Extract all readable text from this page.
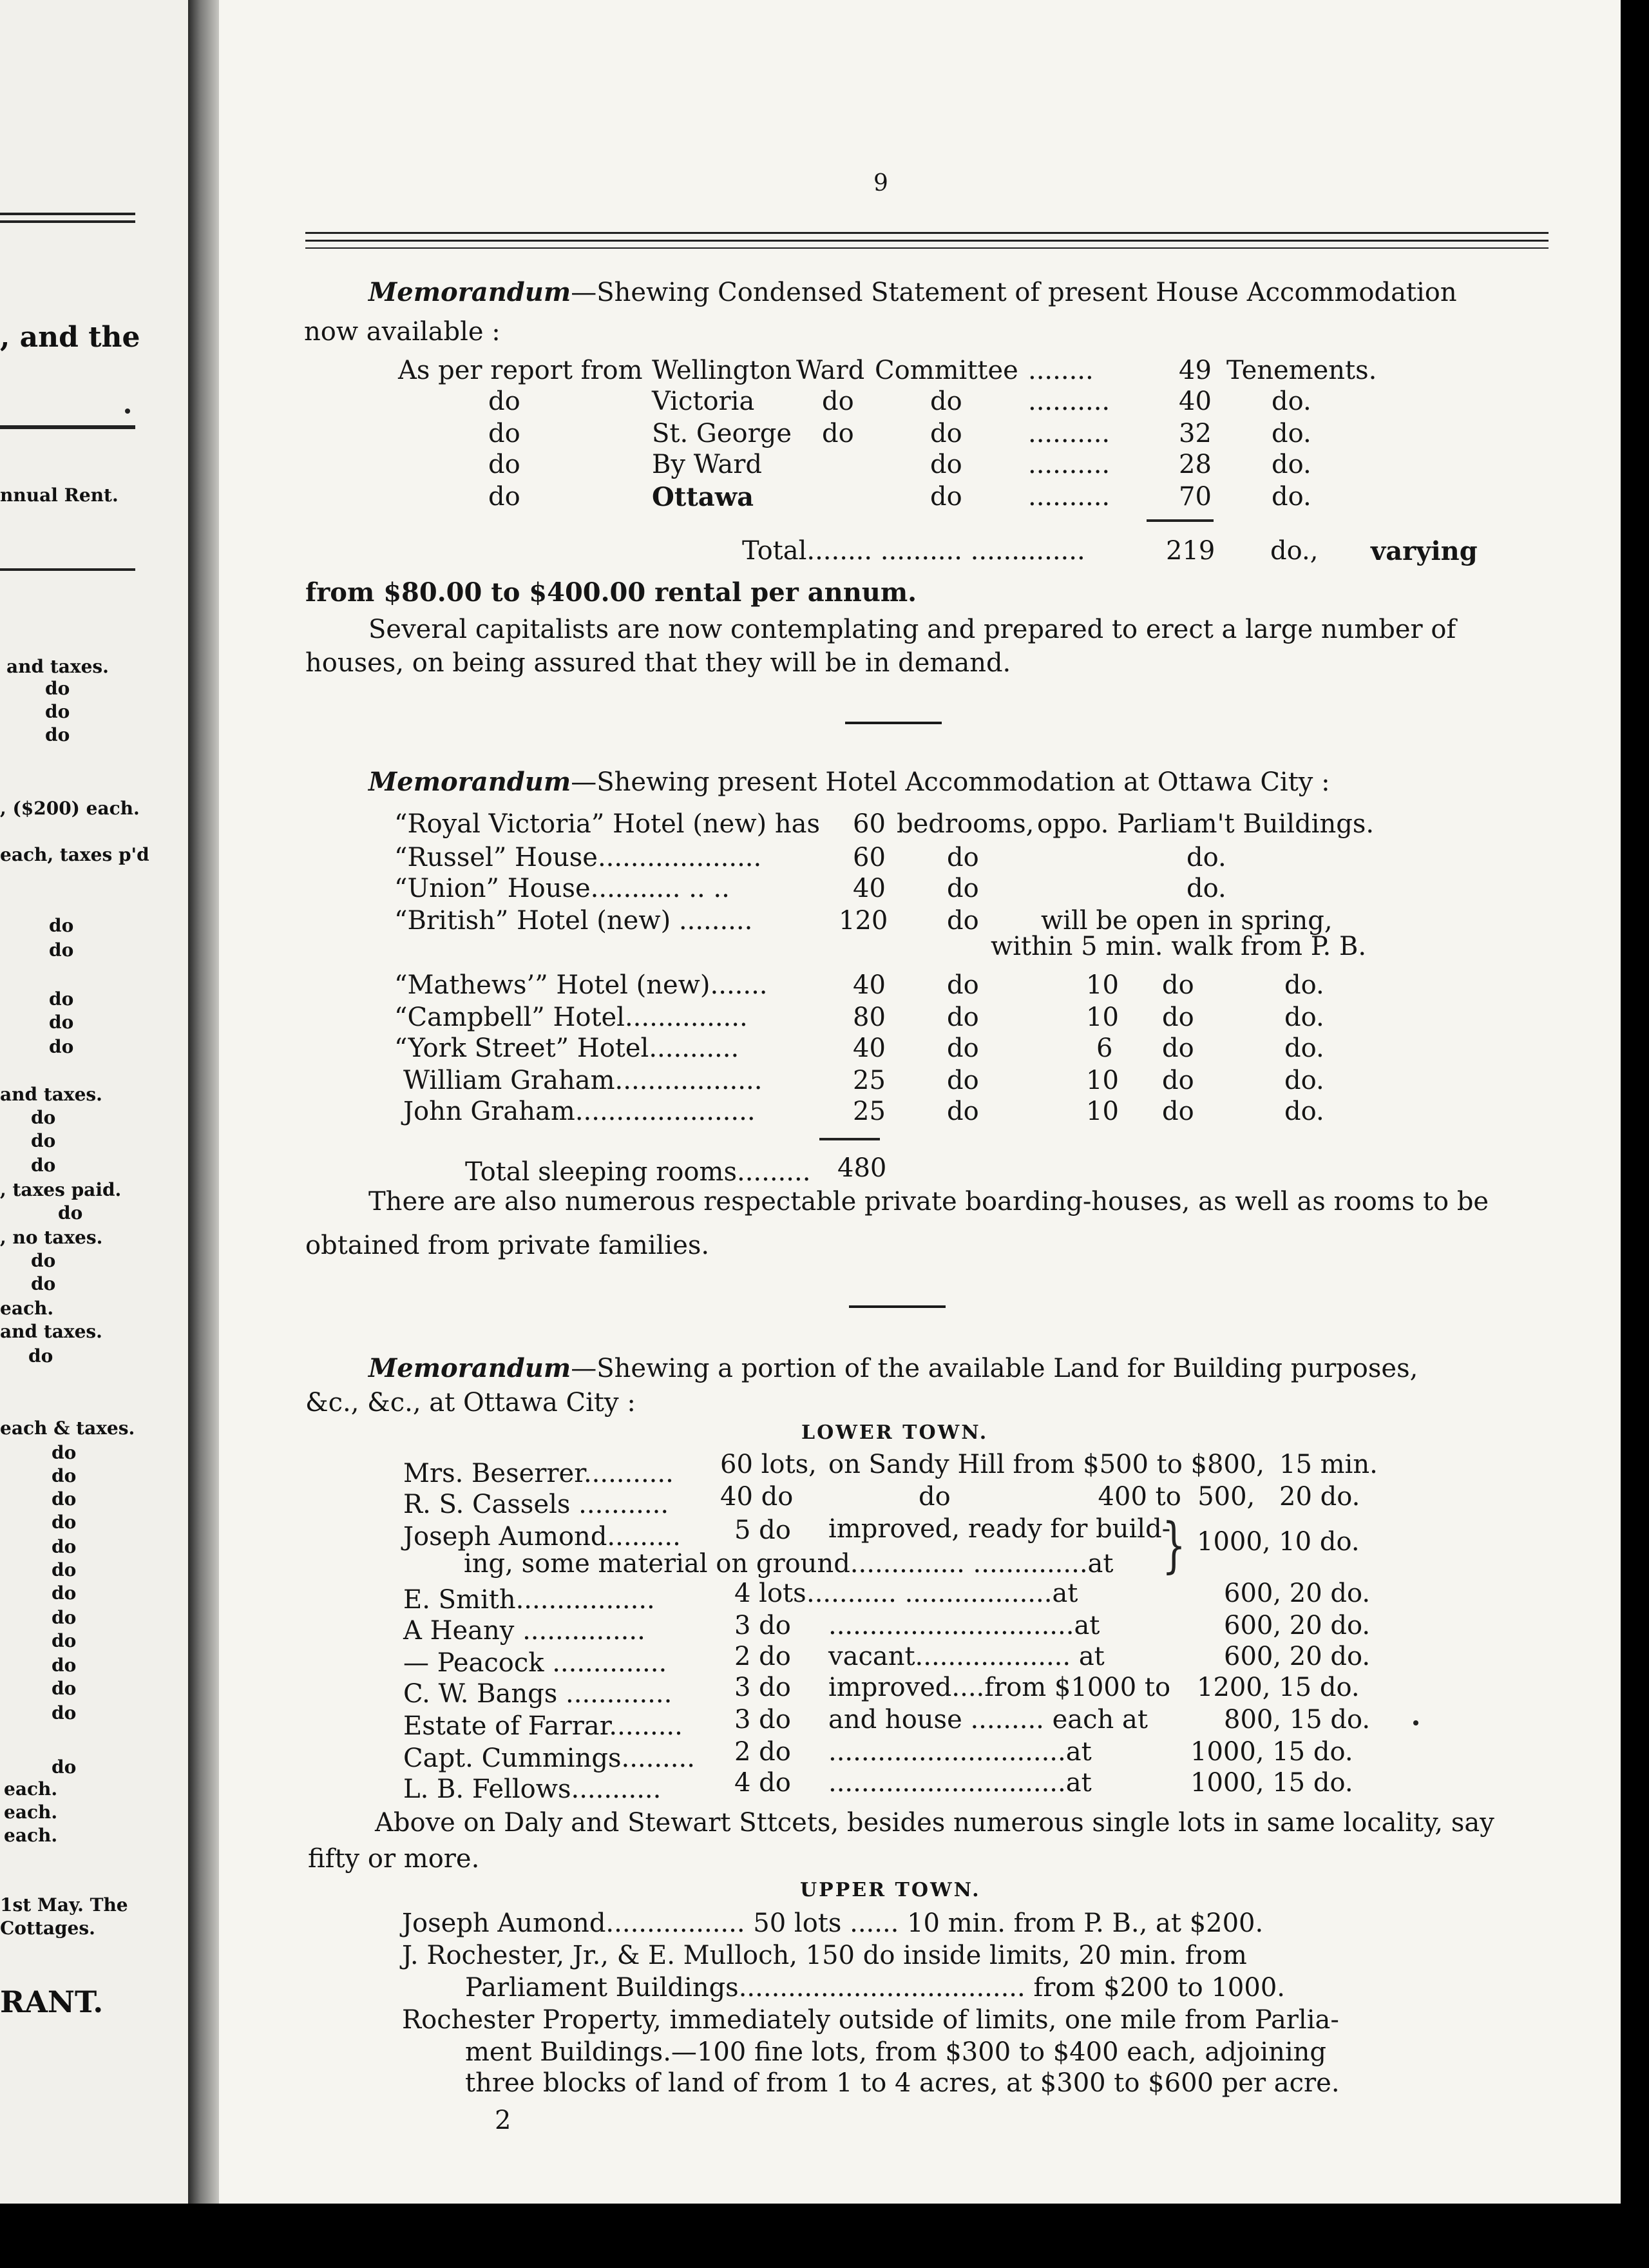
, and the
nnual Rent.
and taxes.
do
do
do
, ($200) each.
each, taxes p'd
do
do
do
do
do
and taxes.
do
do
do
, taxes paid.
do
, no taxes.
do
do
each.
and taxes.
do
each & taxes.
do
do
do
do
do
do
do
do
do
do
do
do
do
each.
each.
each.
1st May. The
Cottages.
RANT.
9
Memorandum—Shewing Condensed Statement of present House Accommodation
now available :
As per report from Wellington Ward Committee ........	49 Tenements.
do	Victoria	do	do	..........	40 do.
do	St. George do	do	..........	32 do.
do	By Ward	do	..........	28 do.
do	Ottawa	do	..........	70 do.
Total........ .......... ..............	219 do., varying
from $80.00 to $400.00 rental per annum.
Several capitalists are now contemplating and prepared to erect a large number of
houses, on being assured that they will be in demand.
Memorandum—Shewing present Hotel Accommodation at Ottawa City :
“Royal Victoria” Hotel (new) has 60 bedrooms, oppo. Parliam't Buildings.
“Russel” House....................	60 do	do.
“Union” House........... .. ..	40 do	do.
“British” Hotel (new) .........	120 do will be open in spring,
within 5 min. walk from P. B.
“Mathews’” Hotel (new).......	40 do	10 do	do.
“Campbell” Hotel...............	80 do	10 do	do.
“York Street” Hotel...........	40 do	6 do	do.
William Graham..................	25 do	10 do	do.
John Graham......................	25 do	10 do	do.
Total sleeping rooms......... 480
There are also numerous respectable private boarding-houses, as well as rooms to be
obtained from private families.
Memorandum—Shewing a portion of the available Land for Building purposes,
&c., &c., at Ottawa City :
LOWER TOWN.
Mrs. Beserrer........... 60 lots, on Sandy Hill from $500 to $800, 15 min.
R. S. Cassels ........... 40 do	do                  400 to  500, 20 do.
Joseph Aumond......... 5 do improved, ready for build-
ing, some material on ground.............. ..............at } 1000, 10 do.
E. Smith.................	4 lots ........... ..................at	600, 20 do.
A Heany ...............	3 do ..............................at	600, 20 do.
— Peacock ..............	2 do vacant................... at	600, 20 do.
C. W. Bangs ............. 3 do improved....from $1000 to 1200, 15 do.
Estate of Farrar......... 3 do and house ......... each at	800, 15 do.
Capt. Cummings......... 2 do .............................at	1000, 15 do.
L. B. Fellows...........	4 do .............................at	1000, 15 do.
Above on Daly and Stewart Sttcets, besides numerous single lots in same locality, say
fifty or more.
UPPER TOWN.
Joseph Aumond................. 50 lots ...... 10 min. from P. B., at $200.
J. Rochester, Jr., & E. Mulloch, 150 do inside limits, 20 min. from
Parliament Buildings................................... from $200 to 1000.
Rochester Property, immediately outside of limits, one mile from Parlia-
ment Buildings.—100 fine lots, from $300 to $400 each, adjoining
three blocks of land of from 1 to 4 acres, at $300 to $600 per acre.
2
